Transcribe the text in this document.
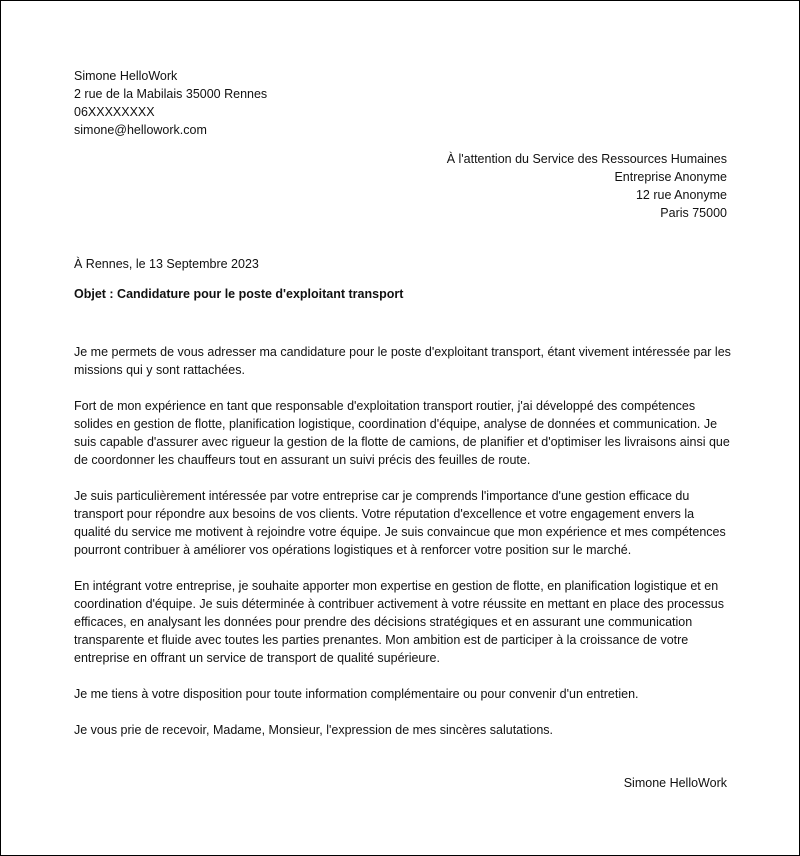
Simone HelloWork
2 rue de la Mabilais 35000 Rennes
06XXXXXXXX
simone@hellowork.com
À l'attention du Service des Ressources Humaines
Entreprise Anonyme
12 rue Anonyme
Paris 75000
À Rennes, le 13 Septembre 2023
Objet : Candidature pour le poste d'exploitant transport

Je me permets de vous adresser ma candidature pour le poste d'exploitant transport, étant vivement intéressée par les missions qui y sont rattachées.

Fort de mon expérience en tant que responsable d'exploitation transport routier, j'ai développé des compétences solides en gestion de flotte, planification logistique, coordination d'équipe, analyse de données et communication. Je suis capable d'assurer avec rigueur la gestion de la flotte de camions, de planifier et d'optimiser les livraisons ainsi que de coordonner les chauffeurs tout en assurant un suivi précis des feuilles de route.

Je suis particulièrement intéressée par votre entreprise car je comprends l'importance d'une gestion efficace du transport pour répondre aux besoins de vos clients. Votre réputation d'excellence et votre engagement envers la qualité du service me motivent à rejoindre votre équipe. Je suis convaincue que mon expérience et mes compétences pourront contribuer à améliorer vos opérations logistiques et à renforcer votre position sur le marché.

En intégrant votre entreprise, je souhaite apporter mon expertise en gestion de flotte, en planification logistique et en coordination d'équipe. Je suis déterminée à contribuer activement à votre réussite en mettant en place des processus efficaces, en analysant les données pour prendre des décisions stratégiques et en assurant une communication transparente et fluide avec toutes les parties prenantes. Mon ambition est de participer à la croissance de votre entreprise en offrant un service de transport de qualité supérieure.

Je me tiens à votre disposition pour toute information complémentaire ou pour convenir d'un entretien.

Je vous prie de recevoir, Madame, Monsieur, l'expression de mes sincères salutations.

Simone HelloWork
